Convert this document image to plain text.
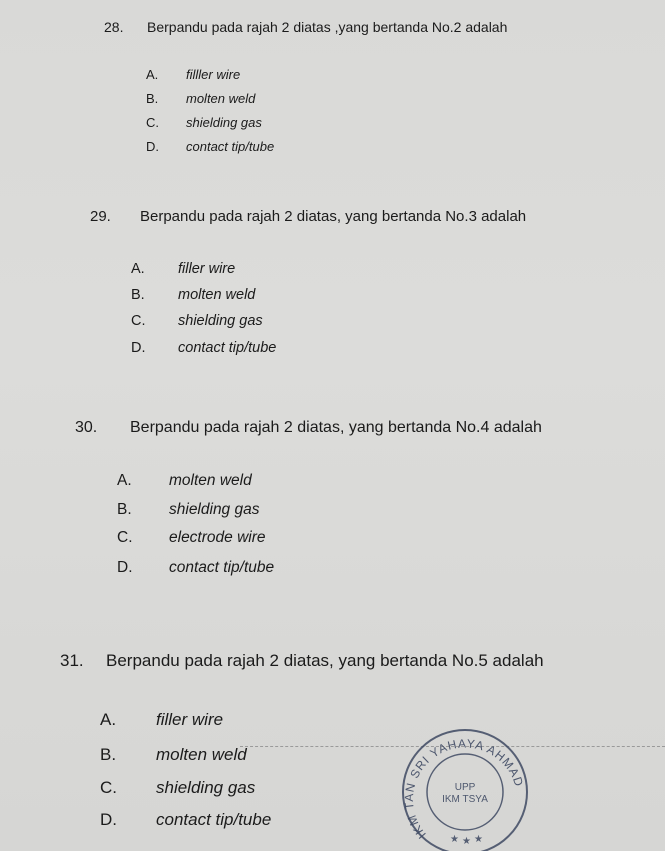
28. Berpandu pada rajah 2 diatas ,yang bertanda No.2 adalah
A. filller wire
B. molten weld
C. shielding gas
D. contact tip/tube
29. Berpandu pada rajah 2 diatas, yang bertanda No.3 adalah
A. filler wire
B. molten weld
C. shielding gas
D. contact tip/tube
30. Berpandu pada rajah 2 diatas, yang bertanda No.4 adalah
A. molten weld
B. shielding gas
C. electrode wire
D. contact tip/tube
31. Berpandu pada rajah 2 diatas, yang bertanda No.5 adalah
A. filler wire
B. molten weld
C. shielding gas
D. contact tip/tube
IKM TAN SRI YAHAYA AHMAD
UPP
IKM TSYA
★ ★ ★
